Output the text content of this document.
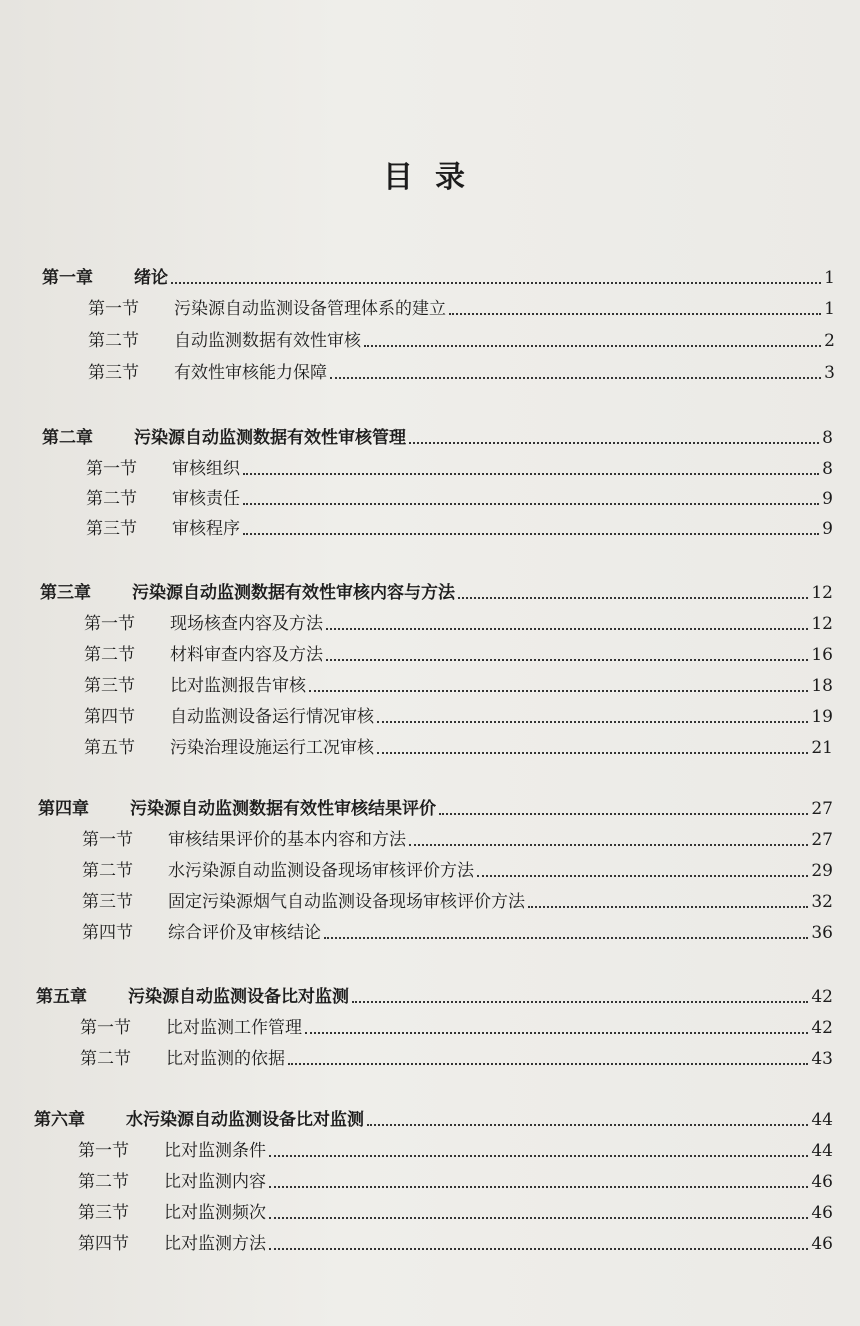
目录
第一章	绪论	1
第一节	污染源自动监测设备管理体系的建立	1
第二节	自动监测数据有效性审核	2
第三节	有效性审核能力保障	3
第二章	污染源自动监测数据有效性审核管理	8
第一节	审核组织	8
第二节	审核责任	9
第三节	审核程序	9
第三章	污染源自动监测数据有效性审核内容与方法	12
第一节	现场核查内容及方法	12
第二节	材料审查内容及方法	16
第三节	比对监测报告审核	18
第四节	自动监测设备运行情况审核	19
第五节	污染治理设施运行工况审核	21
第四章	污染源自动监测数据有效性审核结果评价	27
第一节	审核结果评价的基本内容和方法	27
第二节	水污染源自动监测设备现场审核评价方法	29
第三节	固定污染源烟气自动监测设备现场审核评价方法	32
第四节	综合评价及审核结论	36
第五章	污染源自动监测设备比对监测	42
第一节	比对监测工作管理	42
第二节	比对监测的依据	43
第六章	水污染源自动监测设备比对监测	44
第一节	比对监测条件	44
第二节	比对监测内容	46
第三节	比对监测频次	46
第四节	比对监测方法	46
